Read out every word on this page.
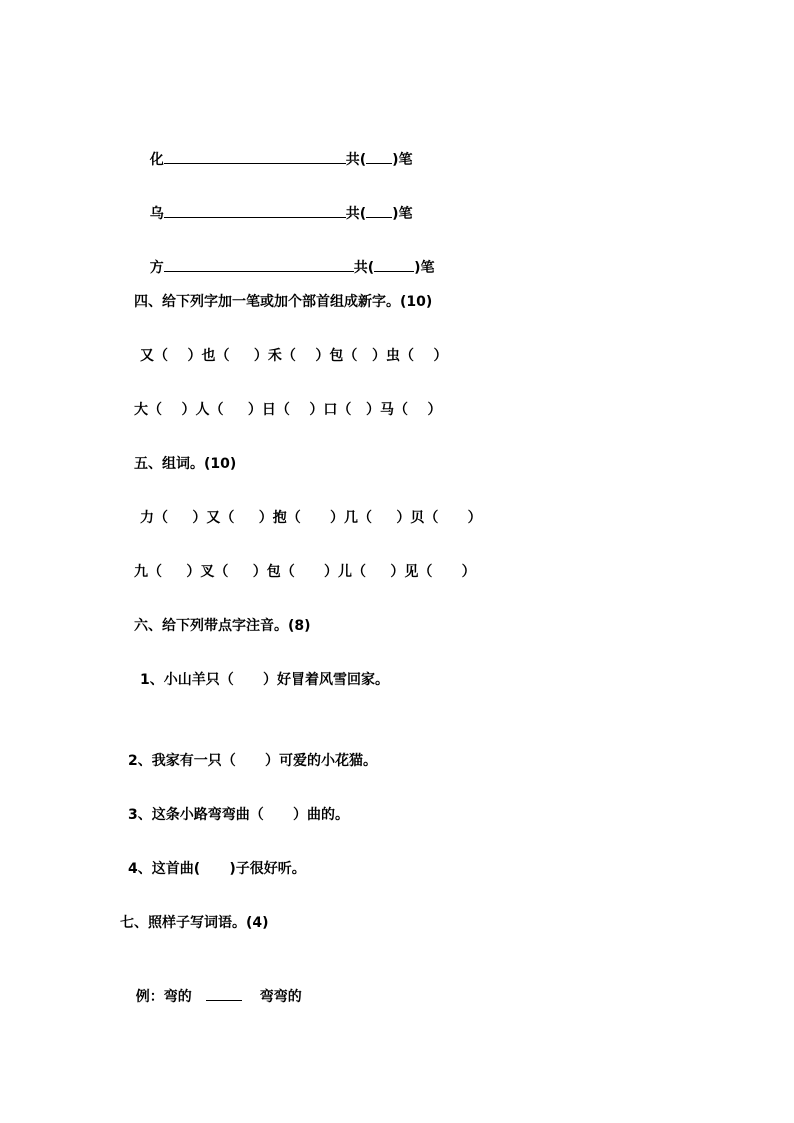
化	共( )笔

乌	共( )笔

方	共(	)笔

四、给下列字加一笔或加个部首组成新字。(10)
又（    ）也（     ）禾（    ）包（   ）虫（    ）
大（    ）人（     ）日（    ）口（   ）马（    ）
五、组词。(10)
力（     ）又（     ）抱（      ）几（     ）贝（      ）
九（     ）叉（     ）包（      ）儿（     ）见（      ）
六、给下列带点字注音。(8)
1、小山羊只（      ）好冒着风雪回家。
2、我家有一只（      ）可爱的小花猫。
3、这条小路弯弯曲（      ）曲的。
4、这首曲(      )子很好听。
七、照样子写词语。(4)

例：弯的	弯弯的
